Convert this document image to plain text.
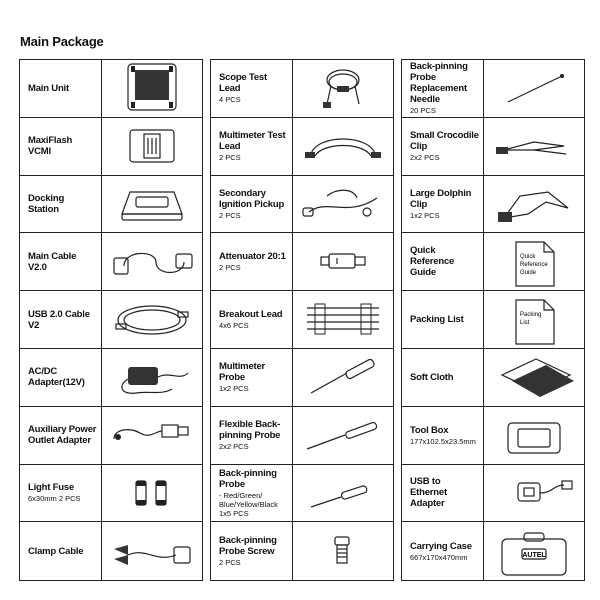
Main Package
Main Unit
MaxiFlash VCMI
Docking Station
Main Cable V2.0
USB 2.0 Cable V2
AC/DC Adapter(12V)
Auxiliary Power Outlet Adapter
Light Fuse
6x30mm 2 PCS
Clamp Cable
Scope Test Lead
4 PCS
Multimeter Test Lead
2 PCS
Secondary Ignition Pickup
2 PCS
Attenuator 20:1
2 PCS
Breakout Lead
4x6 PCS
Multimeter Probe
1x2 PCS
Flexible Back-pinning Probe
2x2 PCS
Back-pinning Probe
- Red/Green/ Blue/Yellow/Black 1x5 PCS
Back-pinning Probe Screw
2 PCS
Back-pinning Probe Replacement Needle
20 PCS
Small Crocodile Clip
2x2 PCS
Large Dolphin Clip
1x2 PCS
Quick Reference Guide
Quick
Reference
Guide
Packing List	Packing
List
Soft Cloth
Tool Box
177x102.5x23.5mm
USB to Ethernet Adapter
Carrying Case
667x170x470mm	AUTEL
